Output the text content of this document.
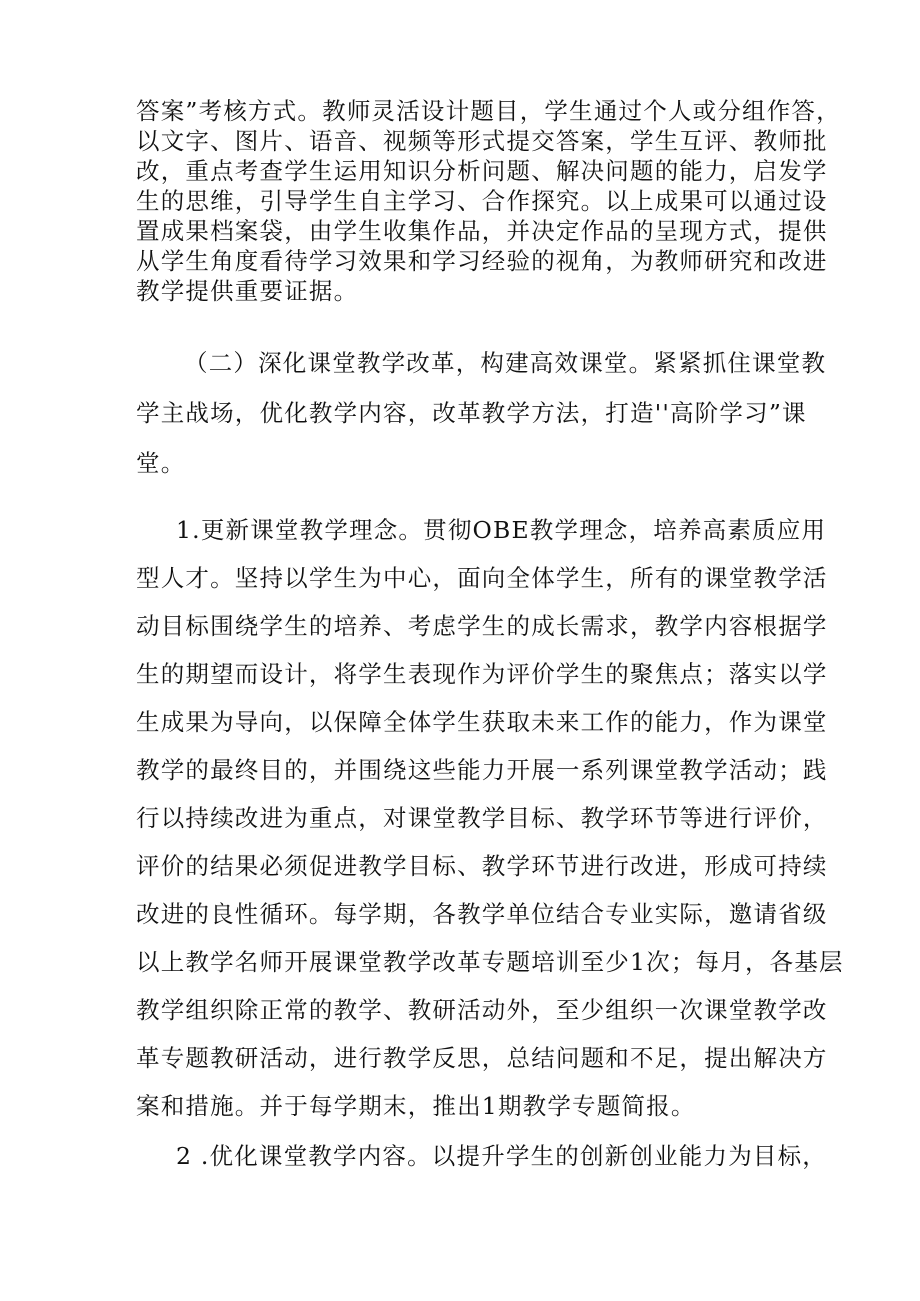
答案”考核方式。教师灵活设计题目，学生通过个人或分组作答，
以文字、图片、语音、视频等形式提交答案，学生互评、教师批
改，重点考查学生运用知识分析问题、解决问题的能力，启发学
生的思维，引导学生自主学习、合作探究。以上成果可以通过设
置成果档案袋，由学生收集作品，并决定作品的呈现方式，提供
从学生角度看待学习效果和学习经验的视角，为教师研究和改进
教学提供重要证据。

（二）深化课堂教学改革，构建高效课堂。紧紧抓住课堂教
学主战场，优化教学内容，改革教学方法，打造''高阶学习”课
堂。

1.更新课堂教学理念。贯彻OBE教学理念，培养高素质应用
型人才。坚持以学生为中心，面向全体学生，所有的课堂教学活
动目标围绕学生的培养、考虑学生的成长需求，教学内容根据学
生的期望而设计，将学生表现作为评价学生的聚焦点；落实以学
生成果为导向，以保障全体学生获取未来工作的能力，作为课堂
教学的最终目的，并围绕这些能力开展一系列课堂教学活动；践
行以持续改进为重点，对课堂教学目标、教学环节等进行评价，
评价的结果必须促进教学目标、教学环节进行改进，形成可持续
改进的良性循环。每学期，各教学单位结合专业实际，邀请省级
以上教学名师开展课堂教学改革专题培训至少1次；每月，各基层
教学组织除正常的教学、教研活动外，至少组织一次课堂教学改
革专题教研活动，进行教学反思，总结问题和不足，提出解决方
案和措施。并于每学期末，推出1期教学专题简报。

2 .优化课堂教学内容。以提升学生的创新创业能力为目标，
